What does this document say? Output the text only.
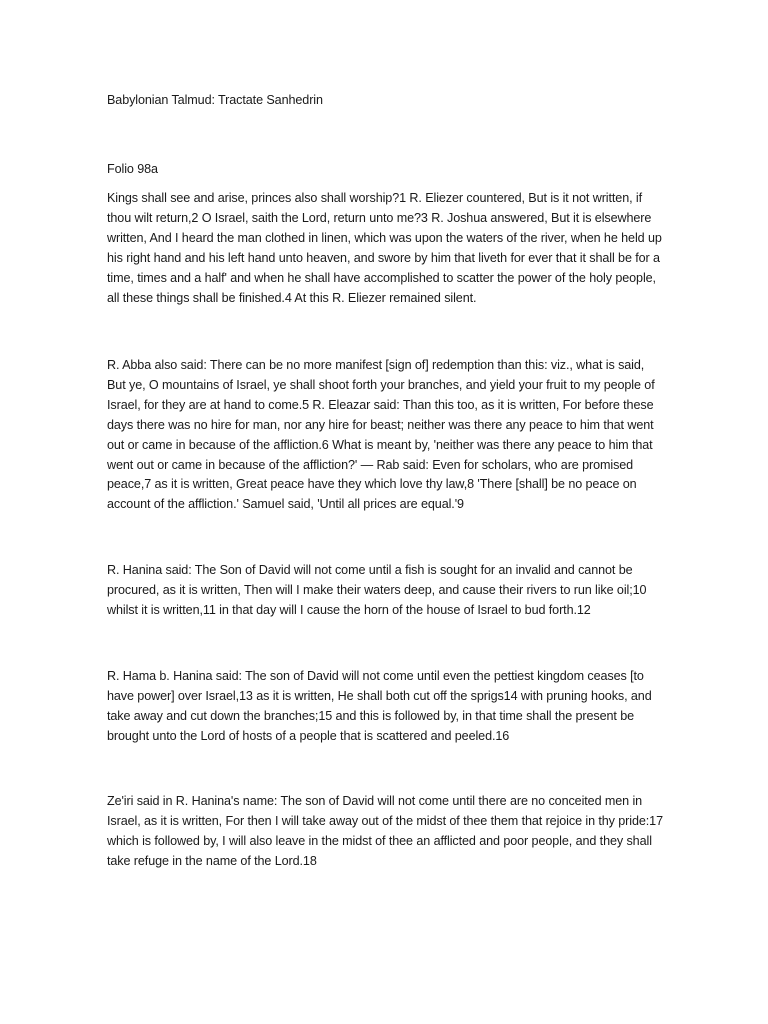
Babylonian Talmud: Tractate Sanhedrin

Folio 98a

Kings shall see and arise, princes also shall worship?1 R. Eliezer countered, But is it not written, if thou wilt return,2 O Israel, saith the Lord, return unto me?3 R. Joshua answered, But it is elsewhere written, And I heard the man clothed in linen, which was upon the waters of the river, when he held up his right hand and his left hand unto heaven, and swore by him that liveth for ever that it shall be for a time, times and a half' and when he shall have accomplished to scatter the power of the holy people, all these things shall be finished.4 At this R. Eliezer remained silent.

R. Abba also said: There can be no more manifest [sign of] redemption than this: viz., what is said, But ye, O mountains of Israel, ye shall shoot forth your branches, and yield your fruit to my people of Israel, for they are at hand to come.5 R. Eleazar said: Than this too, as it is written, For before these days there was no hire for man, nor any hire for beast; neither was there any peace to him that went out or came in because of the affliction.6 What is meant by, 'neither was there any peace to him that went out or came in because of the affliction?' — Rab said: Even for scholars, who are promised peace,7 as it is written, Great peace have they which love thy law,8 'There [shall] be no peace on account of the affliction.' Samuel said, 'Until all prices are equal.'9

R. Hanina said: The Son of David will not come until a fish is sought for an invalid and cannot be procured, as it is written, Then will I make their waters deep, and cause their rivers to run like oil;10 whilst it is written,11 in that day will I cause the horn of the house of Israel to bud forth.12

R. Hama b. Hanina said: The son of David will not come until even the pettiest kingdom ceases [to have power] over Israel,13 as it is written, He shall both cut off the sprigs14 with pruning hooks, and take away and cut down the branches;15 and this is followed by, in that time shall the present be brought unto the Lord of hosts of a people that is scattered and peeled.16

Ze'iri said in R. Hanina's name: The son of David will not come until there are no conceited men in Israel, as it is written, For then I will take away out of the midst of thee them that rejoice in thy pride:17 which is followed by, I will also leave in the midst of thee an afflicted and poor people, and they shall take refuge in the name of the Lord.18
